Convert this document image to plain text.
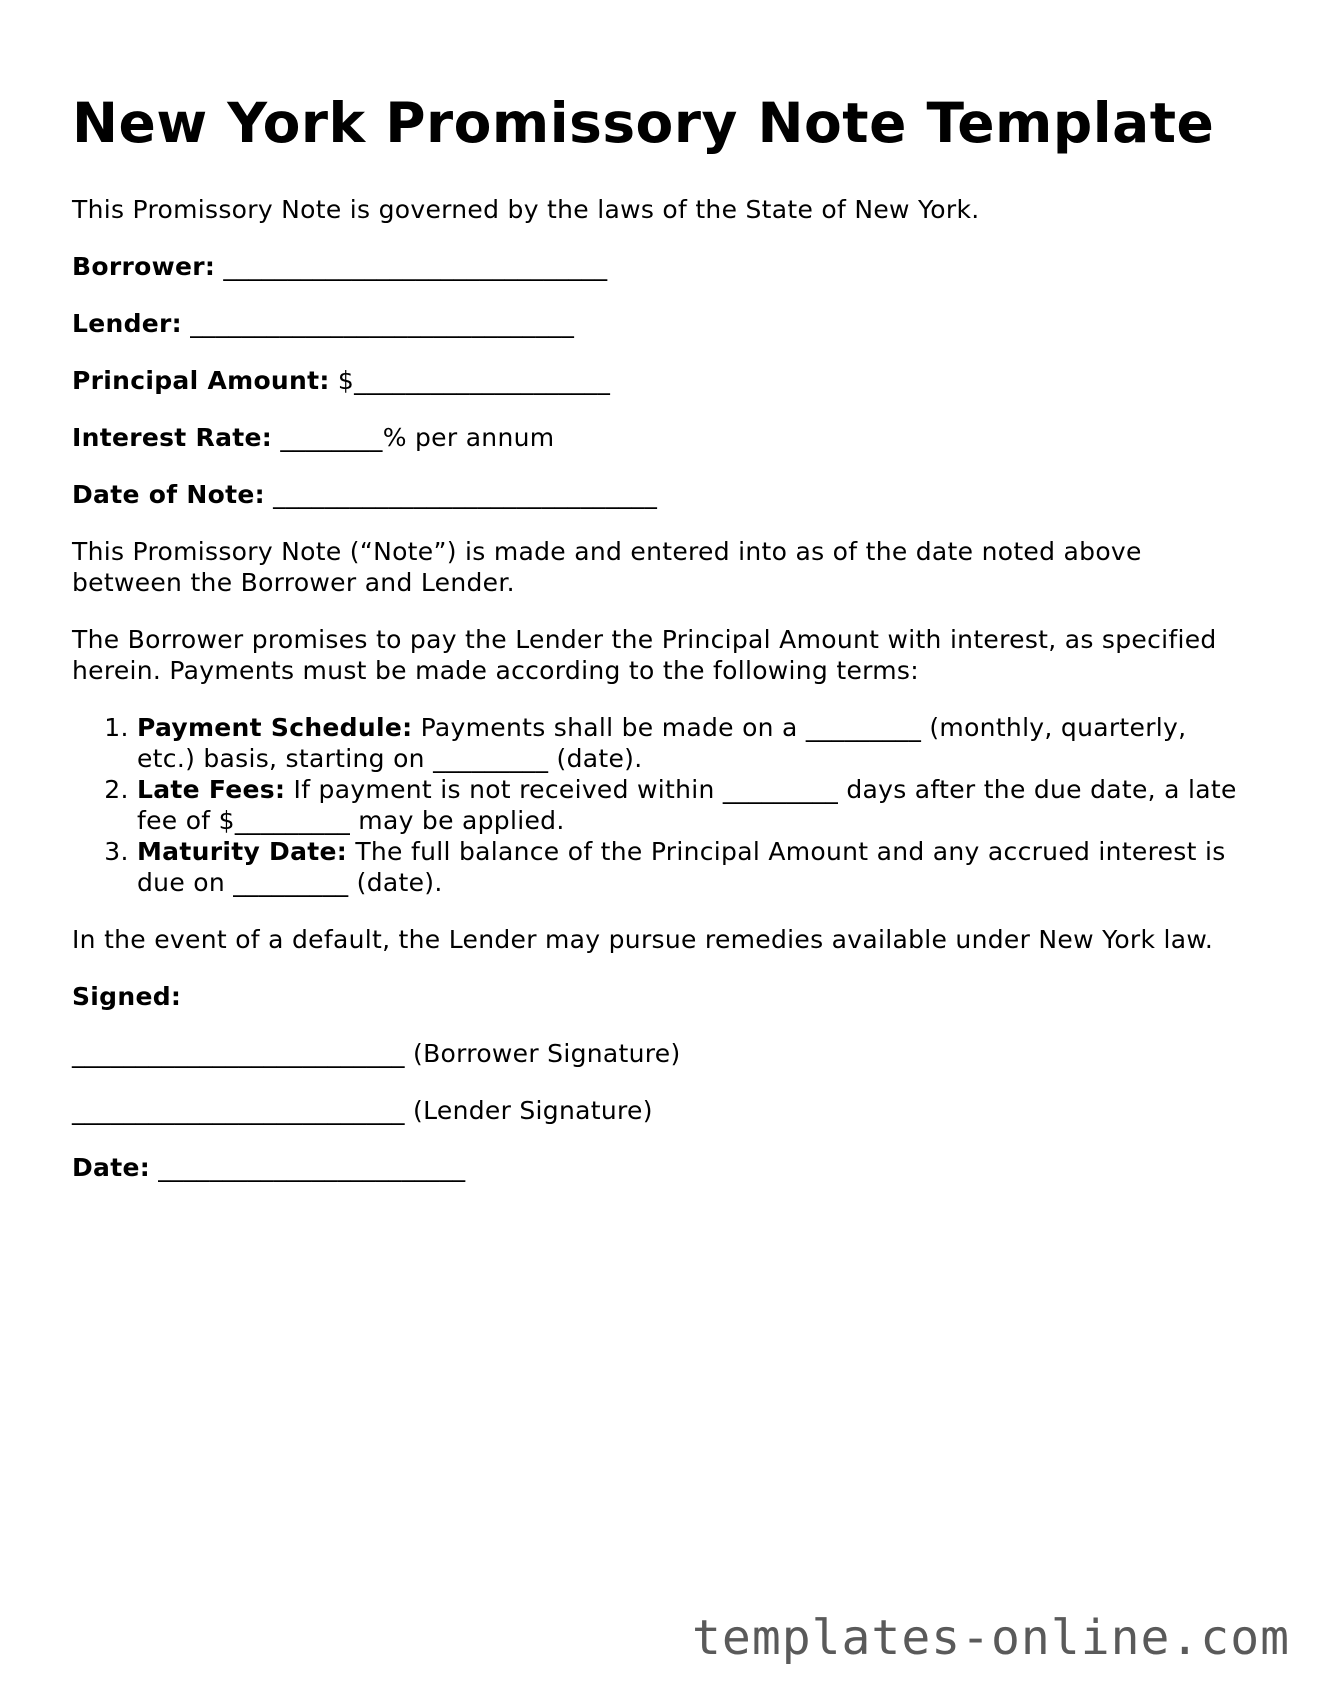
New York Promissory Note Template

This Promissory Note is governed by the laws of the State of New York.

Borrower: ______________________________

Lender: ______________________________

Principal Amount: $____________________

Interest Rate: ________% per annum

Date of Note: ______________________________

This Promissory Note (“Note”) is made and entered into as of the date noted above between the Borrower and Lender.

The Borrower promises to pay the Lender the Principal Amount with interest, as specified herein. Payments must be made according to the following terms:

1. Payment Schedule: Payments shall be made on a _________ (monthly, quarterly, etc.) basis, starting on _________ (date).
2. Late Fees: If payment is not received within _________ days after the due date, a late fee of $_________ may be applied.
3. Maturity Date: The full balance of the Principal Amount and any accrued interest is due on _________ (date).

In the event of a default, the Lender may pursue remedies available under New York law.

Signed:

__________________________ (Borrower Signature)

__________________________ (Lender Signature)

Date: ________________________

templates-online.com
